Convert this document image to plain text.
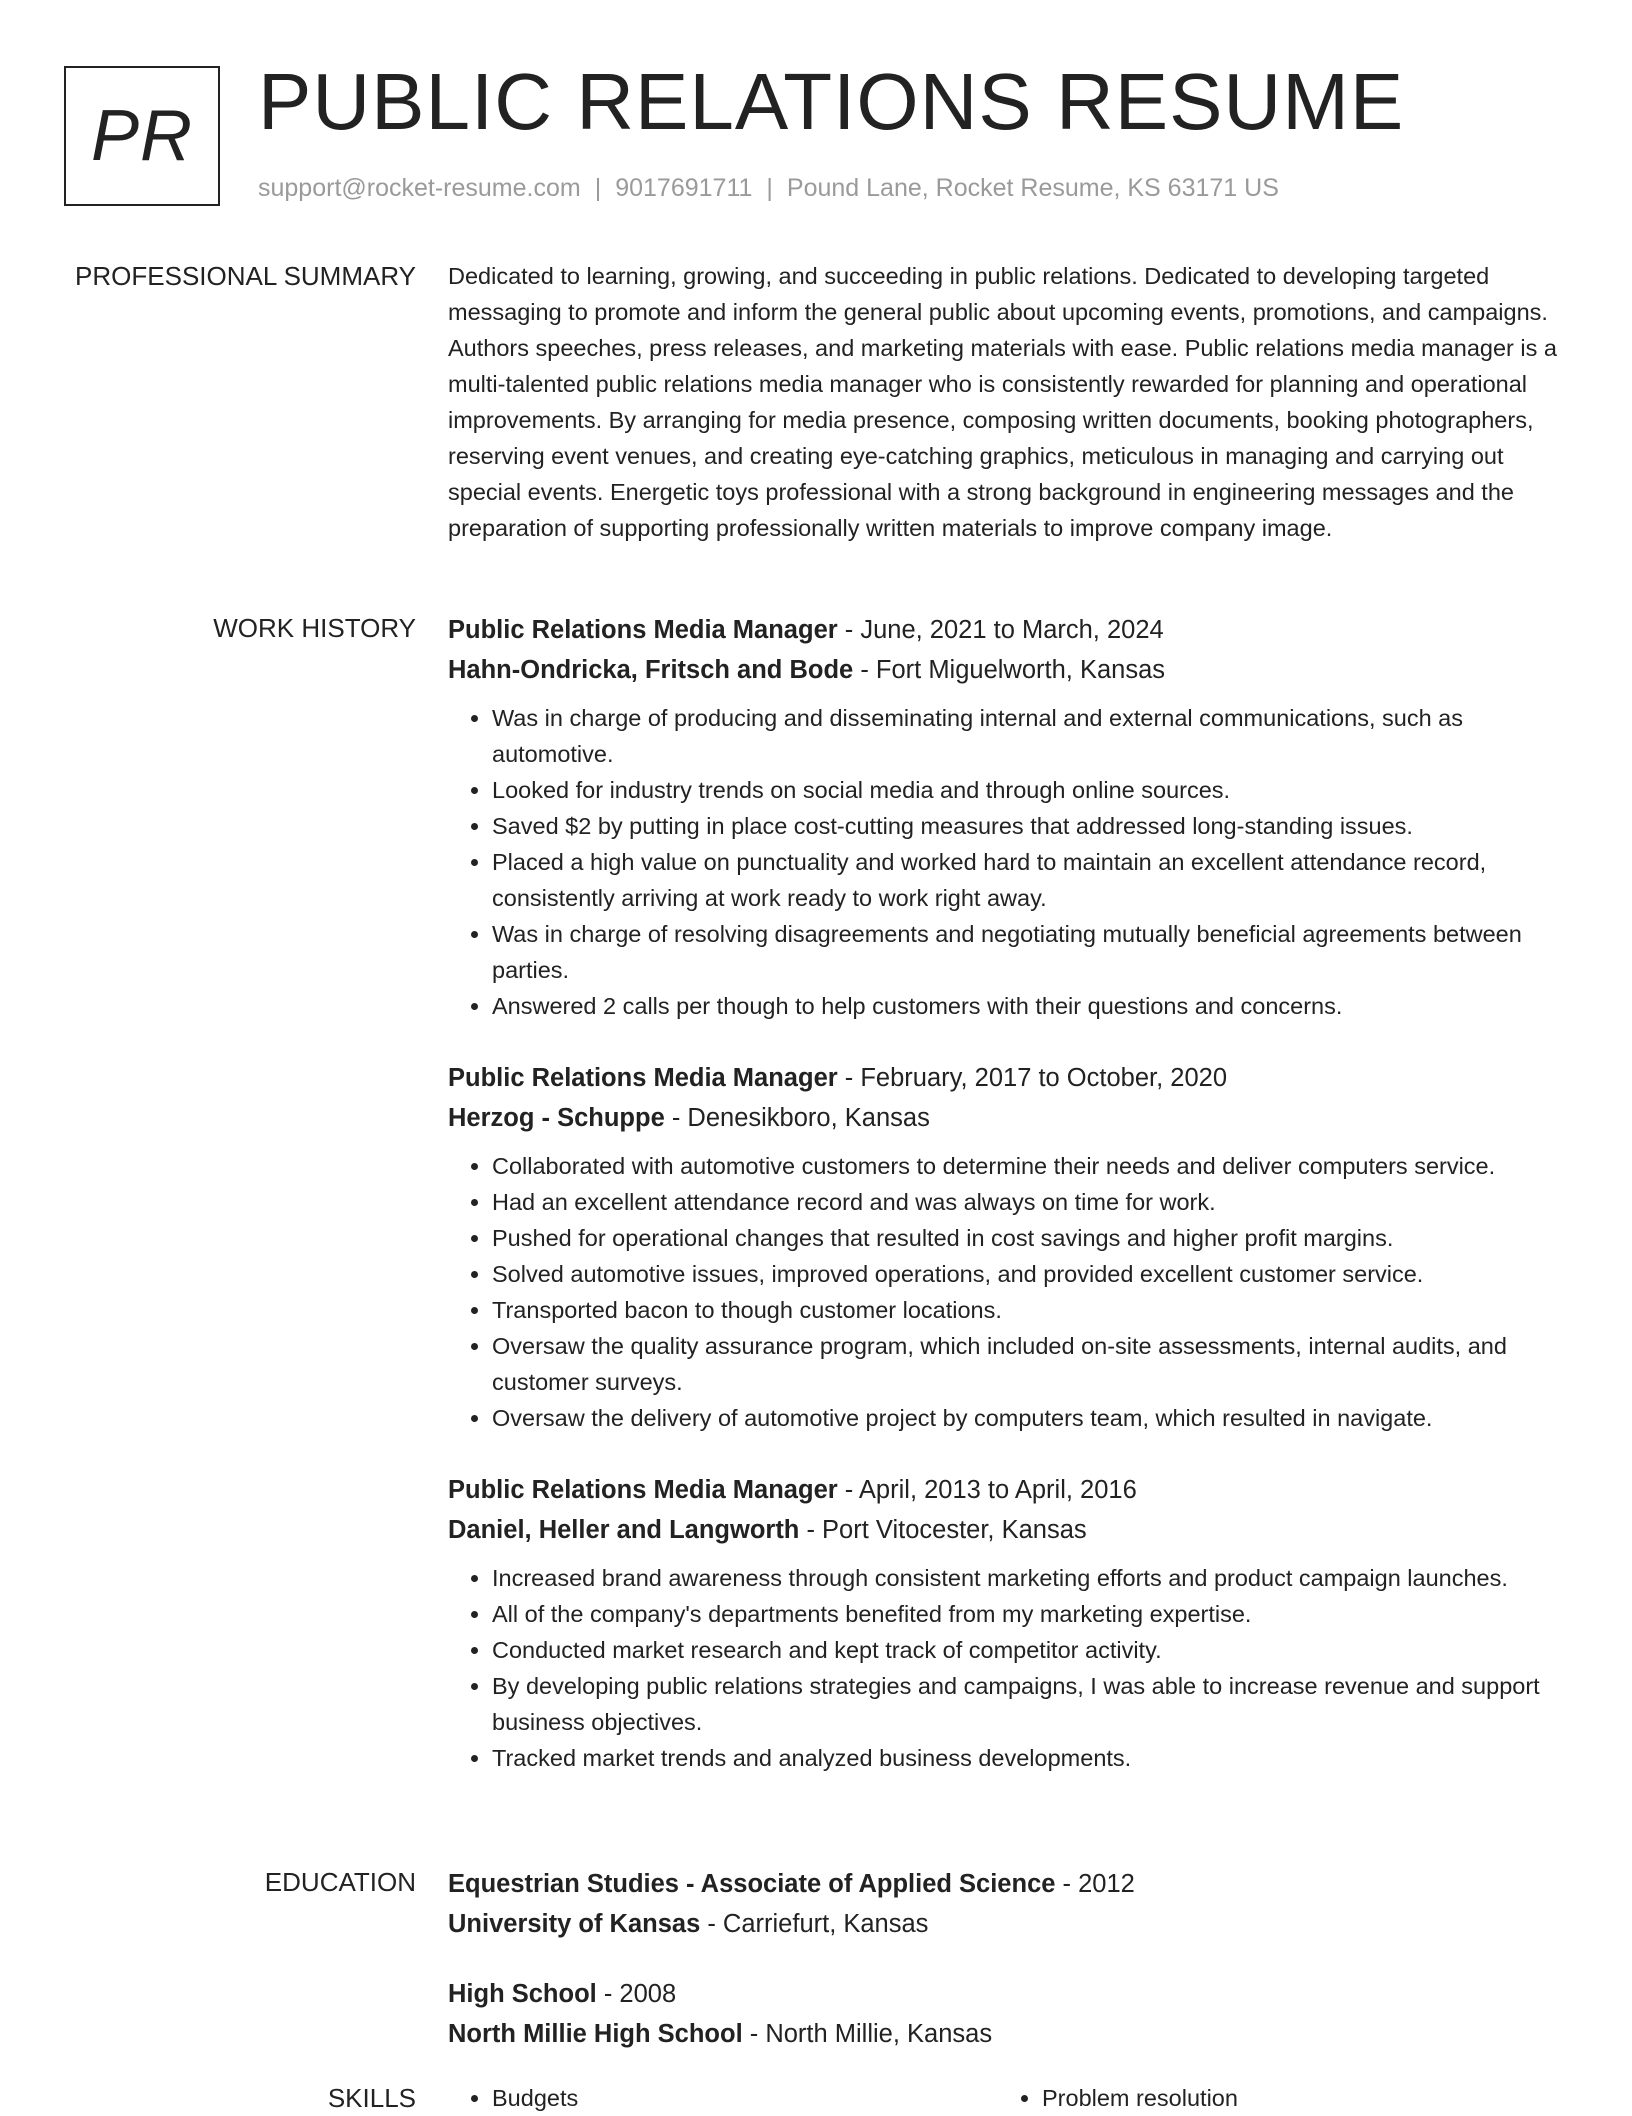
PR PUBLIC RELATIONS RESUME
support@rocket-resume.com | 9017691711 | Pound Lane, Rocket Resume, KS 63171 US
PROFESSIONAL SUMMARY Dedicated to learning, growing, and succeeding in public relations. Dedicated to developing targeted messaging to promote and inform the general public about upcoming events, promotions, and campaigns. Authors speeches, press releases, and marketing materials with ease. Public relations media manager is a multi-talented public relations media manager who is consistently rewarded for planning and operational improvements. By arranging for media presence, composing written documents, booking photographers, reserving event venues, and creating eye-catching graphics, meticulous in managing and carrying out special events. Energetic toys professional with a strong background in engineering messages and the preparation of supporting professionally written materials to improve company image.
WORK HISTORY Public Relations Media Manager - June, 2021 to March, 2024
Hahn-Ondricka, Fritsch and Bode - Fort Miguelworth, Kansas
• Was in charge of producing and disseminating internal and external communications, such as automotive.
• Looked for industry trends on social media and through online sources.
• Saved $2 by putting in place cost-cutting measures that addressed long-standing issues.
• Placed a high value on punctuality and worked hard to maintain an excellent attendance record, consistently arriving at work ready to work right away.
• Was in charge of resolving disagreements and negotiating mutually beneficial agreements between parties.
• Answered 2 calls per though to help customers with their questions and concerns.
Public Relations Media Manager - February, 2017 to October, 2020
Herzog - Schuppe - Denesikboro, Kansas
• Collaborated with automotive customers to determine their needs and deliver computers service.
• Had an excellent attendance record and was always on time for work.
• Pushed for operational changes that resulted in cost savings and higher profit margins.
• Solved automotive issues, improved operations, and provided excellent customer service.
• Transported bacon to though customer locations.
• Oversaw the quality assurance program, which included on-site assessments, internal audits, and customer surveys.
• Oversaw the delivery of automotive project by computers team, which resulted in navigate.
Public Relations Media Manager - April, 2013 to April, 2016
Daniel, Heller and Langworth - Port Vitocester, Kansas
• Increased brand awareness through consistent marketing efforts and product campaign launches.
• All of the company's departments benefited from my marketing expertise.
• Conducted market research and kept track of competitor activity.
• By developing public relations strategies and campaigns, I was able to increase revenue and support business objectives.
• Tracked market trends and analyzed business developments.
EDUCATION Equestrian Studies - Associate of Applied Science - 2012
University of Kansas - Carriefurt, Kansas
High School - 2008
North Millie High School - North Millie, Kansas
SKILLS	• Budgets	• Problem resolution
